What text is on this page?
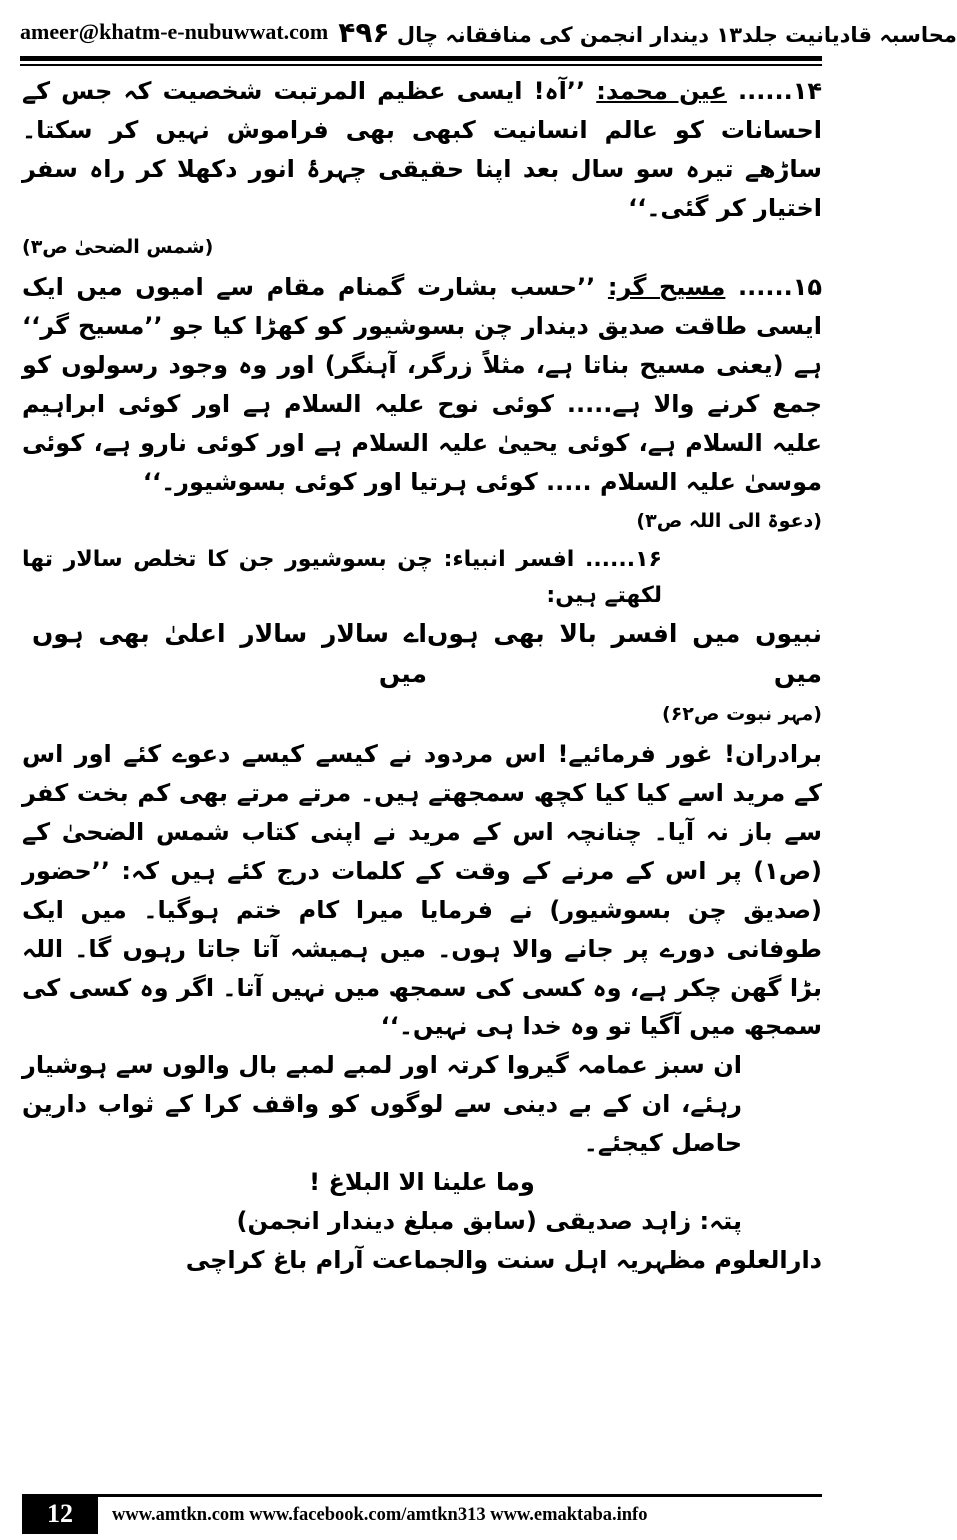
ameer@khatm-e-nubuwwat.com	محاسبہ قادیانیت جلد۱۳ دیندار انجمن کی منافقانہ چال ۴۹۶

۱۴...... عین محمد: ’’آہ! ایسی عظیم المرتبت شخصیت کہ جس کے احسانات کو عالم انسانیت کبھی بھی فراموش نہیں کر سکتا۔ ساڑھے تیرہ سو سال بعد اپنا حقیقی چہرۂ انور دکھلا کر راہ سفر اختیار کر گئی۔‘‘

(شمس الضحیٰ ص۳)

۱۵...... مسیح گر: ’’حسب بشارت گمنام مقام سے امیوں میں ایک ایسی طاقت صدیق دیندار چن بسوشیور کو کھڑا کیا جو ’’مسیح گر‘‘ ہے (یعنی مسیح بناتا ہے، مثلاً زرگر، آہنگر) اور وہ وجود رسولوں کو جمع کرنے والا ہے..... کوئی نوح علیہ السلام ہے اور کوئی ابراہیم علیہ السلام ہے، کوئی یحییٰ علیہ السلام ہے اور کوئی نارو ہے، کوئی موسیٰ علیہ السلام ..... کوئی ہرتیا اور کوئی بسوشیور۔‘‘

(دعوۃ الی اللہ ص۳)

۱۶...... افسر انبیاء: چن بسوشیور جن کا تخلص سالار تھا لکھتے ہیں:

نبیوں میں افسر بالا بھی ہوں میں
اے سالار سالار اعلیٰ بھی ہوں میں

(مہر نبوت ص۶۲)

برادران! غور فرمائیے! اس مردود نے کیسے کیسے دعوے کئے اور اس کے مرید اسے کیا کیا کچھ سمجھتے ہیں۔ مرتے مرتے بھی کم بخت کفر سے باز نہ آیا۔ چنانچہ اس کے مرید نے اپنی کتاب شمس الضحیٰ کے (ص۱) پر اس کے مرنے کے وقت کے کلمات درج کئے ہیں کہ: ’’حضور (صدیق چن بسوشیور) نے فرمایا میرا کام ختم ہوگیا۔ میں ایک طوفانی دورے پر جانے والا ہوں۔ میں ہمیشہ آتا جاتا رہوں گا۔ اللہ بڑا گھن چکر ہے، وہ کسی کی سمجھ میں نہیں آتا۔ اگر وہ کسی کی سمجھ میں آگیا تو وہ خدا ہی نہیں۔‘‘

ان سبز عمامہ گیروا کرتہ اور لمبے لمبے بال والوں سے ہوشیار رہئے، ان کے بے دینی سے لوگوں کو واقف کرا کے ثواب دارین حاصل کیجئے۔

وما علینا الا البلاغ !

پتہ: زاہد صدیقی (سابق مبلغ دیندار انجمن)

دارالعلوم مظہریہ اہل سنت والجماعت آرام باغ کراچی

12	www.amtkn.com www.facebook.com/amtkn313 www.emaktaba.info
